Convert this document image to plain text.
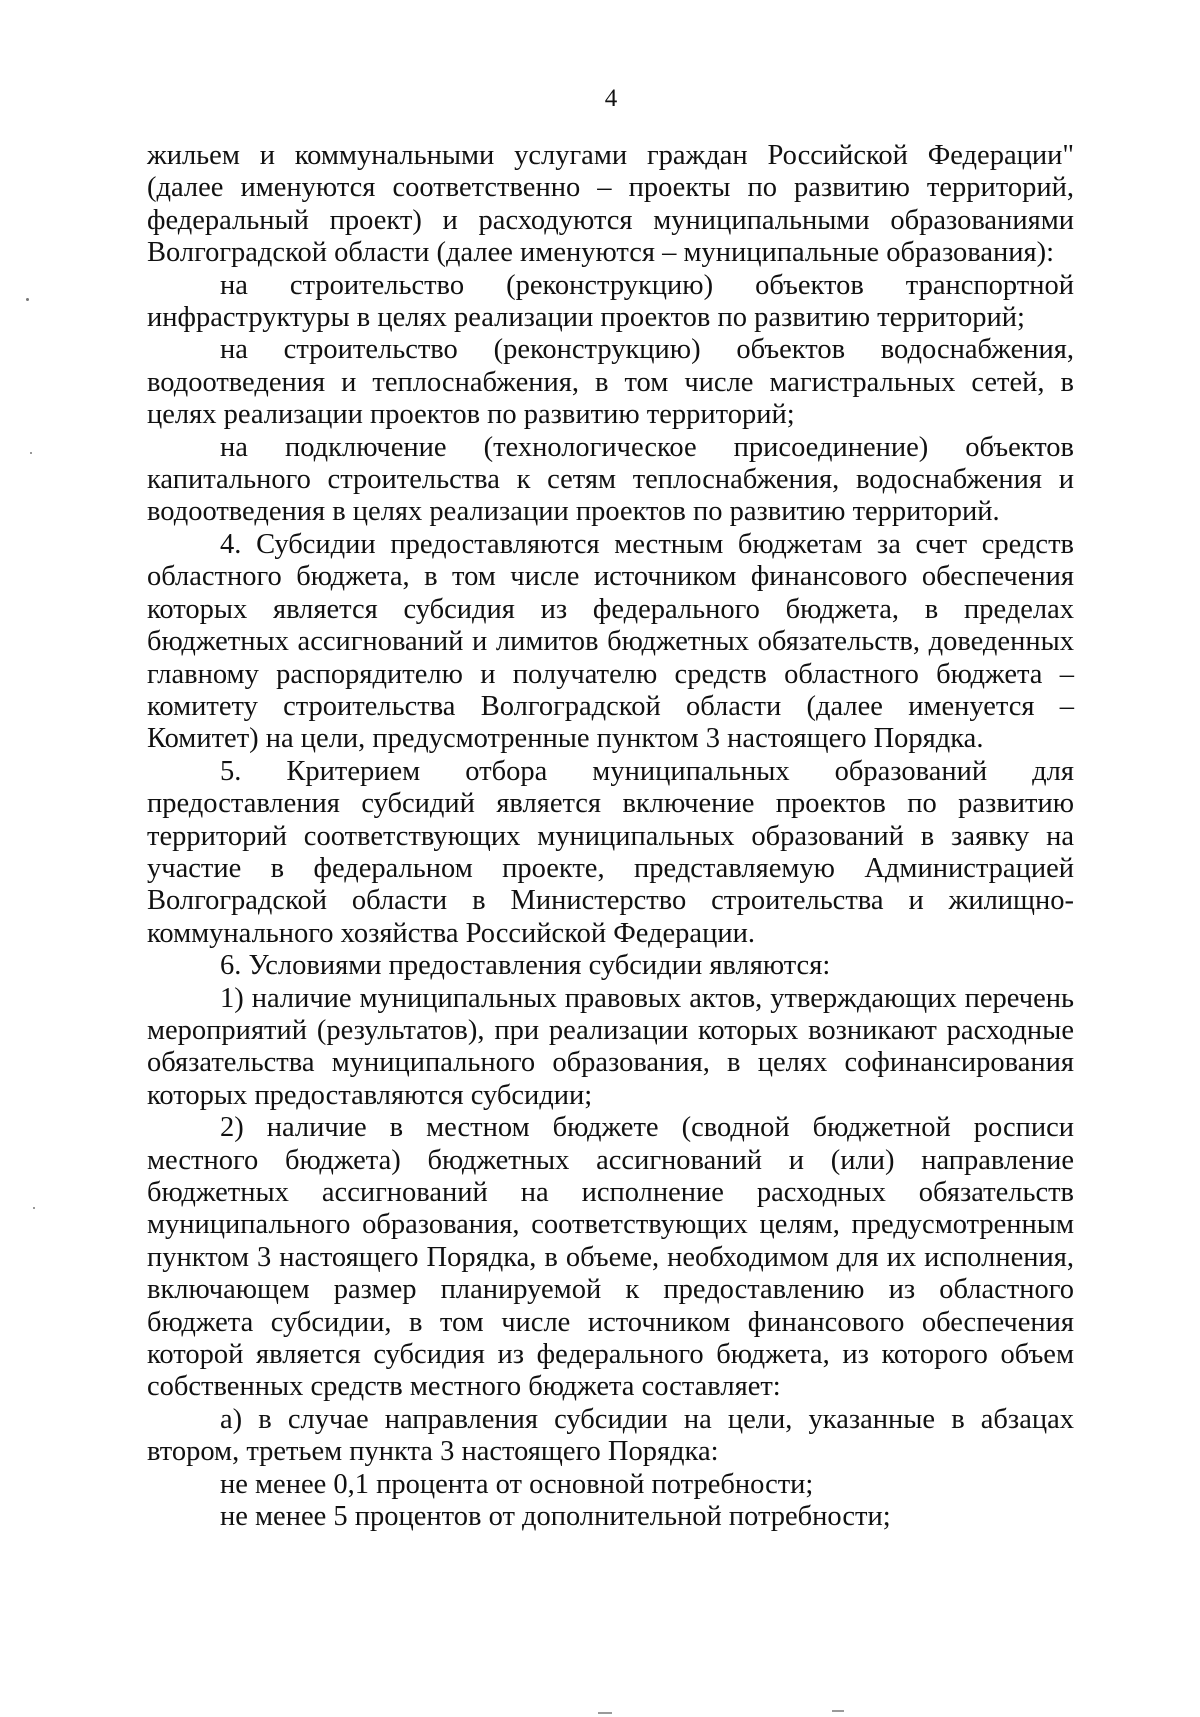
4

жильем и коммунальными услугами граждан Российской Федерации" (далее именуются соответственно – проекты по развитию территорий, федеральный проект) и расходуются муниципальными образованиями Волгоградской области (далее именуются – муниципальные образования):

на строительство (реконструкцию) объектов транспортной инфраструктуры в целях реализации проектов по развитию территорий;

на строительство (реконструкцию) объектов водоснабжения, водоотведения и теплоснабжения, в том числе магистральных сетей, в целях реализации проектов по развитию территорий;

на подключение (технологическое присоединение) объектов капитального строительства к сетям теплоснабжения, водоснабжения и водоотведения в целях реализации проектов по развитию территорий.

4. Субсидии предоставляются местным бюджетам за счет средств областного бюджета, в том числе источником финансового обеспечения которых является субсидия из федерального бюджета, в пределах бюджетных ассигнований и лимитов бюджетных обязательств, доведенных главному распорядителю и получателю средств областного бюджета – комитету строительства Волгоградской области (далее именуется – Комитет) на цели, предусмотренные пунктом 3 настоящего Порядка.

5. Критерием отбора муниципальных образований для предоставления субсидий является включение проектов по развитию территорий соответствующих муниципальных образований в заявку на участие в федеральном проекте, представляемую Администрацией Волгоградской области в Министерство строительства и жилищно-коммунального хозяйства Российской Федерации.

6. Условиями предоставления субсидии являются:

1) наличие муниципальных правовых актов, утверждающих перечень мероприятий (результатов), при реализации которых возникают расходные обязательства муниципального образования, в целях софинансирования которых предоставляются субсидии;

2) наличие в местном бюджете (сводной бюджетной росписи местного бюджета) бюджетных ассигнований и (или) направление бюджетных ассигнований на исполнение расходных обязательств муниципального образования, соответствующих целям, предусмотренным пунктом 3 настоящего Порядка, в объеме, необходимом для их исполнения, включающем размер планируемой к предоставлению из областного бюджета субсидии, в том числе источником финансового обеспечения которой является субсидия из федерального бюджета, из которого объем собственных средств местного бюджета составляет:

а) в случае направления субсидии на цели, указанные в абзацах втором, третьем пункта 3 настоящего Порядка:

не менее 0,1 процента от основной потребности;

не менее 5 процентов от дополнительной потребности;
